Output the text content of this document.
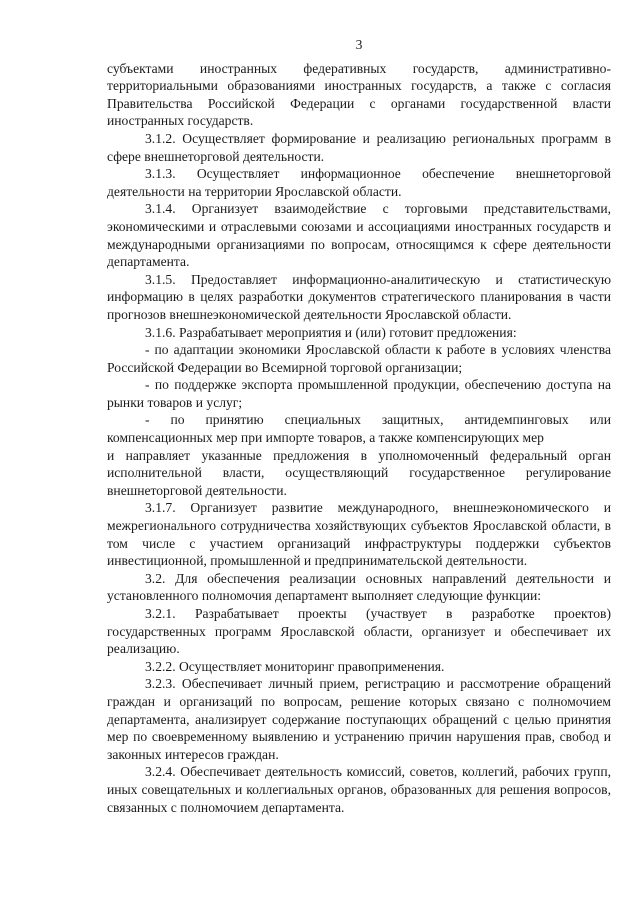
3

субъектами иностранных федеративных государств, административно-территориальными образованиями иностранных государств, а также с согласия Правительства Российской Федерации с органами государственной власти иностранных государств.

3.1.2. Осуществляет формирование и реализацию региональных программ в сфере внешнеторговой деятельности.

3.1.3. Осуществляет информационное обеспечение внешнеторговой деятельности на территории Ярославской области.

3.1.4. Организует взаимодействие с торговыми представительствами, экономическими и отраслевыми союзами и ассоциациями иностранных государств и международными организациями по вопросам, относящимся к сфере деятельности департамента.

3.1.5. Предоставляет информационно-аналитическую и статистическую информацию в целях разработки документов стратегического планирования в части прогнозов внешнеэкономической деятельности Ярославской области.

3.1.6. Разрабатывает мероприятия и (или) готовит предложения:

- по адаптации экономики Ярославской области к работе в условиях членства Российской Федерации во Всемирной торговой организации;

- по поддержке экспорта промышленной продукции, обеспечению доступа на рынки товаров и услуг;

- по принятию специальных защитных, антидемпинговых или компенсационных мер при импорте товаров, а также компенсирующих мер

и направляет указанные предложения в уполномоченный федеральный орган исполнительной власти, осуществляющий государственное регулирование внешнеторговой деятельности.

3.1.7. Организует развитие международного, внешнеэкономического и межрегионального сотрудничества хозяйствующих субъектов Ярославской области, в том числе с участием организаций инфраструктуры поддержки субъектов инвестиционной, промышленной и предпринимательской деятельности.

3.2. Для обеспечения реализации основных направлений деятельности и установленного полномочия департамент выполняет следующие функции:

3.2.1. Разрабатывает проекты (участвует в разработке проектов) государственных программ Ярославской области, организует и обеспечивает их реализацию.

3.2.2. Осуществляет мониторинг правоприменения.

3.2.3. Обеспечивает личный прием, регистрацию и рассмотрение обращений граждан и организаций по вопросам, решение которых связано с полномочием департамента, анализирует содержание поступающих обращений с целью принятия мер по своевременному выявлению и устранению причин нарушения прав, свобод и законных интересов граждан.

3.2.4. Обеспечивает деятельность комиссий, советов, коллегий, рабочих групп, иных совещательных и коллегиальных органов, образованных для решения вопросов, связанных с полномочием департамента.
